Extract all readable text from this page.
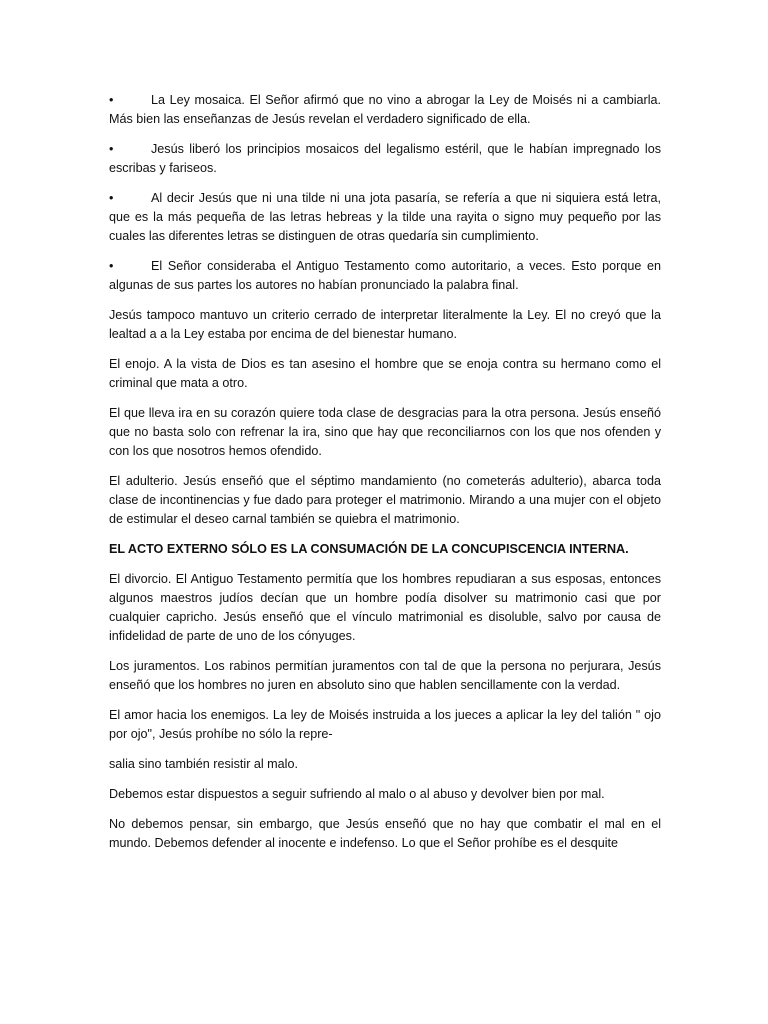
•	La Ley mosaica. El Señor afirmó que no vino a abrogar la Ley de Moisés ni a cambiarla. Más bien las enseñanzas de Jesús revelan el verdadero significado de ella.

•	Jesús liberó los principios mosaicos del legalismo estéril, que le habían impregnado los escribas y fariseos.

•	Al decir Jesús que ni una tilde ni una jota pasaría, se refería a que ni siquiera está letra, que es la más pequeña de las letras hebreas y la tilde una rayita o signo muy pequeño por las cuales las diferentes letras se distinguen de otras quedaría sin cumplimiento.

•	El Señor consideraba el Antiguo Testamento como autoritario, a veces. Esto porque en algunas de sus partes los autores no habían pronunciado la palabra final.

Jesús tampoco mantuvo un criterio cerrado de interpretar literalmente la Ley. El no creyó que la lealtad a a la Ley estaba por encima de del bienestar humano.

El enojo. A la vista de Dios es tan asesino el hombre que se enoja contra su hermano como el criminal que mata a otro.

El que lleva ira en su corazón quiere toda clase de desgracias para la otra persona. Jesús enseñó que no basta solo con refrenar la ira, sino que hay que reconciliarnos con los que nos ofenden y con los que nosotros hemos ofendido.

El adulterio. Jesús enseñó que el séptimo mandamiento (no cometerás adulterio), abarca toda clase de incontinencias y fue dado para proteger el matrimonio. Mirando a una mujer con el objeto de estimular el deseo carnal también se quiebra el matrimonio.

EL ACTO EXTERNO SÓLO ES LA CONSUMACIÓN DE LA CONCUPISCENCIA INTERNA.

El divorcio. El Antiguo Testamento permitía que los hombres repudiaran a sus esposas, entonces algunos maestros judíos decían que un hombre podía disolver su matrimonio casi que por cualquier capricho. Jesús enseñó que el vínculo matrimonial es disoluble, salvo por causa de infidelidad de parte de uno de los cónyuges.

Los juramentos. Los rabinos permitían juramentos con tal de que la persona no perjurara, Jesús enseñó que los hombres no juren en absoluto sino que hablen sencillamente con la verdad.

El amor hacia los enemigos. La ley de Moisés instruida a los jueces a aplicar la ley del talión " ojo por ojo", Jesús prohíbe no sólo la repre-

salia sino también resistir al malo.

Debemos estar dispuestos a seguir sufriendo al malo o al abuso y devolver bien por mal.

No debemos pensar, sin embargo, que Jesús enseñó que no hay que combatir el mal en el mundo. Debemos defender al inocente e indefenso. Lo que el Señor prohíbe es el desquite
